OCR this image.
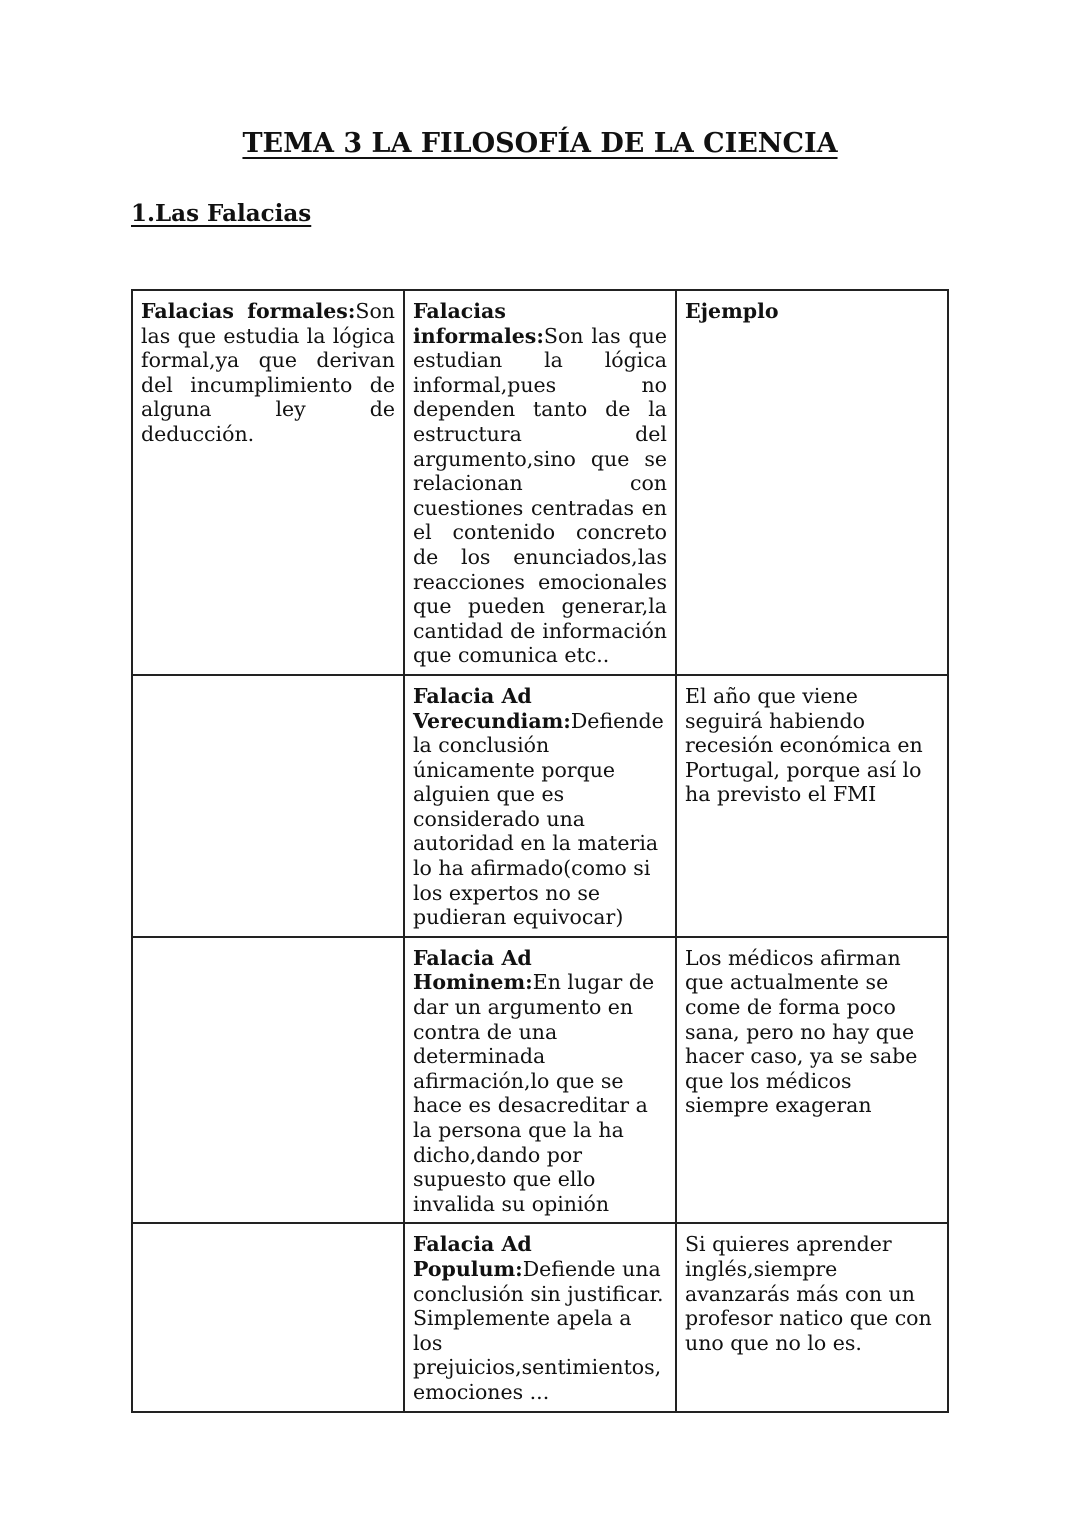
TEMA 3 LA FILOSOFÍA DE LA CIENCIA
1.Las Falacias
Falacias formales:Son las que estudia la lógica formal,ya que derivan del incumplimiento de alguna ley de deducción.	Falacias informales:Son las que estudian la lógica informal,pues no dependen tanto de la estructura del argumento,sino que se relacionan con cuestiones centradas en el contenido concreto de los enunciados,las reacciones emocionales que pueden generar,la cantidad de información que comunica etc..	Ejemplo
	Falacia Ad Verecundiam:Defiende la conclusión únicamente porque alguien que es considerado una autoridad en la materia lo ha afirmado(como si los expertos no se pudieran equivocar)	El año que viene seguirá habiendo recesión económica en Portugal, porque así lo ha previsto el FMI
	Falacia Ad Hominem:En lugar de dar un argumento en contra de una determinada afirmación,lo que se hace es desacreditar a la persona que la ha dicho,dando por supuesto que ello invalida su opinión	Los médicos afirman que actualmente se come de forma poco sana, pero no hay que hacer caso, ya se sabe que los médicos siempre exageran
	Falacia Ad Populum:Defiende una conclusión sin justificar. Simplemente apela a los prejuicios,sentimientos, emociones ...	Si quieres aprender inglés,siempre avanzarás más con un profesor natico que con uno que no lo es.
